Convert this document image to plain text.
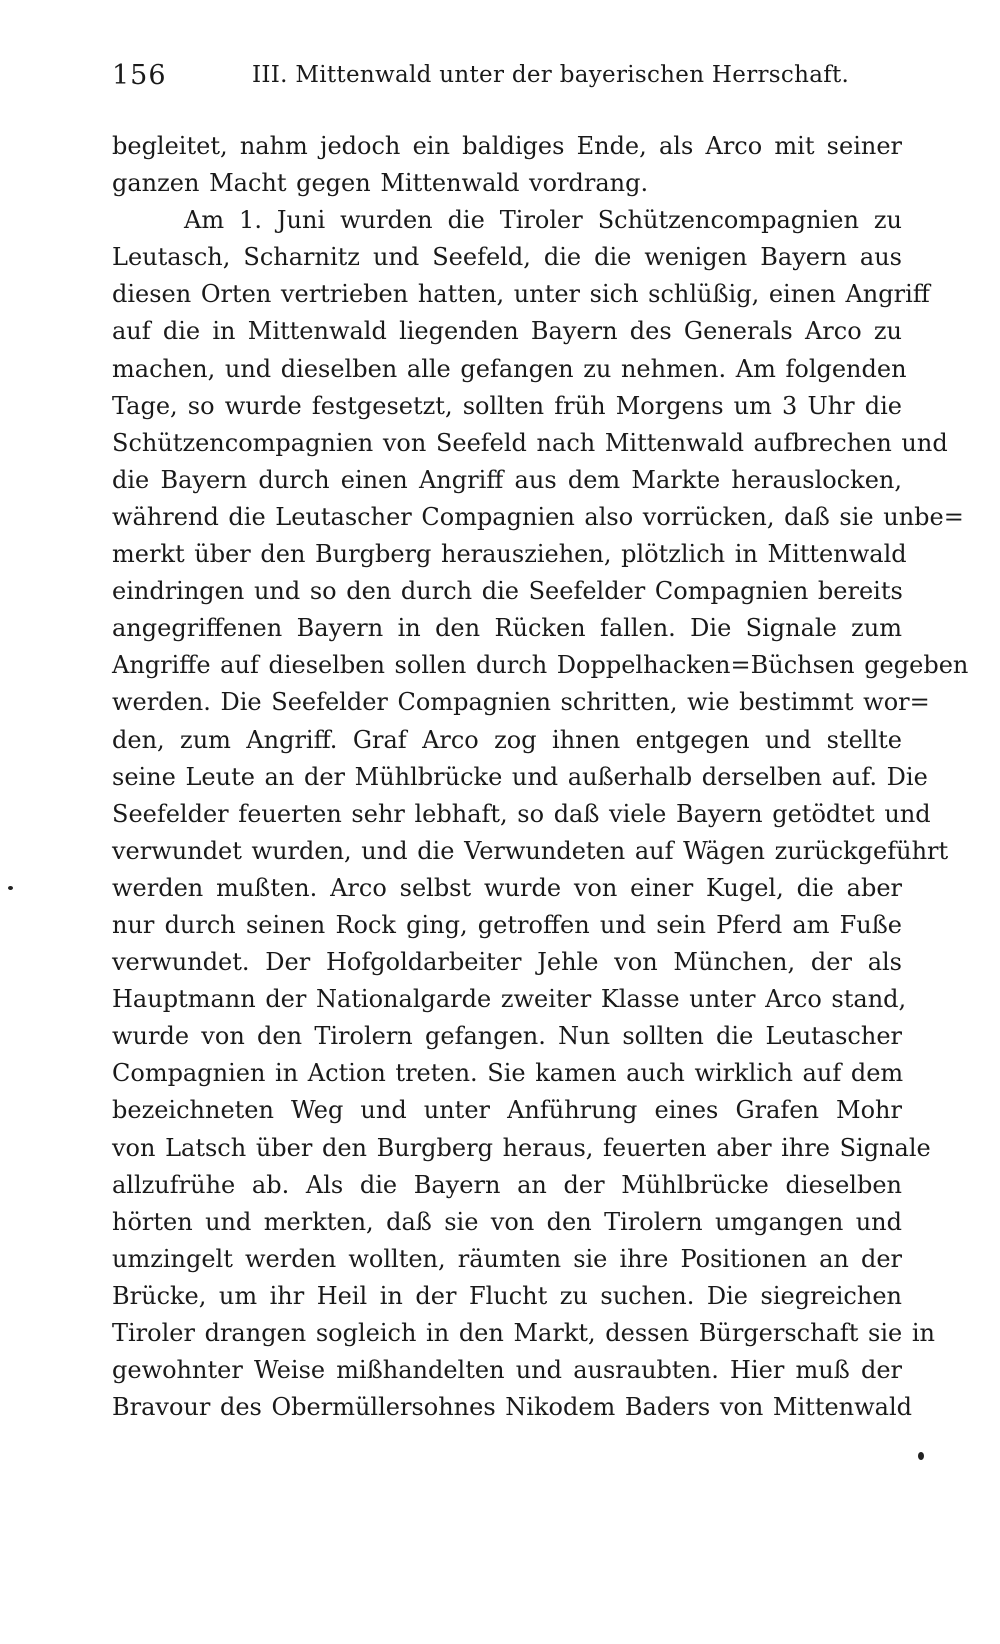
156	III. Mittenwald unter der bayerischen Herrschaft.
begleitet, nahm jedoch ein baldiges Ende, als Arco mit seiner
ganzen Macht gegen Mittenwald vordrang.
Am 1. Juni wurden die Tiroler Schützencompagnien zu
Leutasch, Scharnitz und Seefeld, die die wenigen Bayern aus
diesen Orten vertrieben hatten, unter sich schlüßig, einen Angriff
auf die in Mittenwald liegenden Bayern des Generals Arco zu
machen, und dieselben alle gefangen zu nehmen. Am folgenden
Tage, so wurde festgesetzt, sollten früh Morgens um 3 Uhr die
Schützencompagnien von Seefeld nach Mittenwald aufbrechen und
die Bayern durch einen Angriff aus dem Markte herauslocken,
während die Leutascher Compagnien also vorrücken, daß sie unbe=
merkt über den Burgberg herausziehen, plötzlich in Mittenwald
eindringen und so den durch die Seefelder Compagnien bereits
angegriffenen Bayern in den Rücken fallen. Die Signale zum
Angriffe auf dieselben sollen durch Doppelhacken=Büchsen gegeben
werden. Die Seefelder Compagnien schritten, wie bestimmt wor=
den, zum Angriff. Graf Arco zog ihnen entgegen und stellte
seine Leute an der Mühlbrücke und außerhalb derselben auf. Die
Seefelder feuerten sehr lebhaft, so daß viele Bayern getödtet und
verwundet wurden, und die Verwundeten auf Wägen zurückgeführt
werden mußten. Arco selbst wurde von einer Kugel, die aber
nur durch seinen Rock ging, getroffen und sein Pferd am Fuße
verwundet. Der Hofgoldarbeiter Jehle von München, der als
Hauptmann der Nationalgarde zweiter Klasse unter Arco stand,
wurde von den Tirolern gefangen. Nun sollten die Leutascher
Compagnien in Action treten. Sie kamen auch wirklich auf dem
bezeichneten Weg und unter Anführung eines Grafen Mohr
von Latsch über den Burgberg heraus, feuerten aber ihre Signale
allzufrühe ab. Als die Bayern an der Mühlbrücke dieselben
hörten und merkten, daß sie von den Tirolern umgangen und
umzingelt werden wollten, räumten sie ihre Positionen an der
Brücke, um ihr Heil in der Flucht zu suchen. Die siegreichen
Tiroler drangen sogleich in den Markt, dessen Bürgerschaft sie in
gewohnter Weise mißhandelten und ausraubten. Hier muß der
Bravour des Obermüllersohnes Nikodem Baders von Mittenwald
